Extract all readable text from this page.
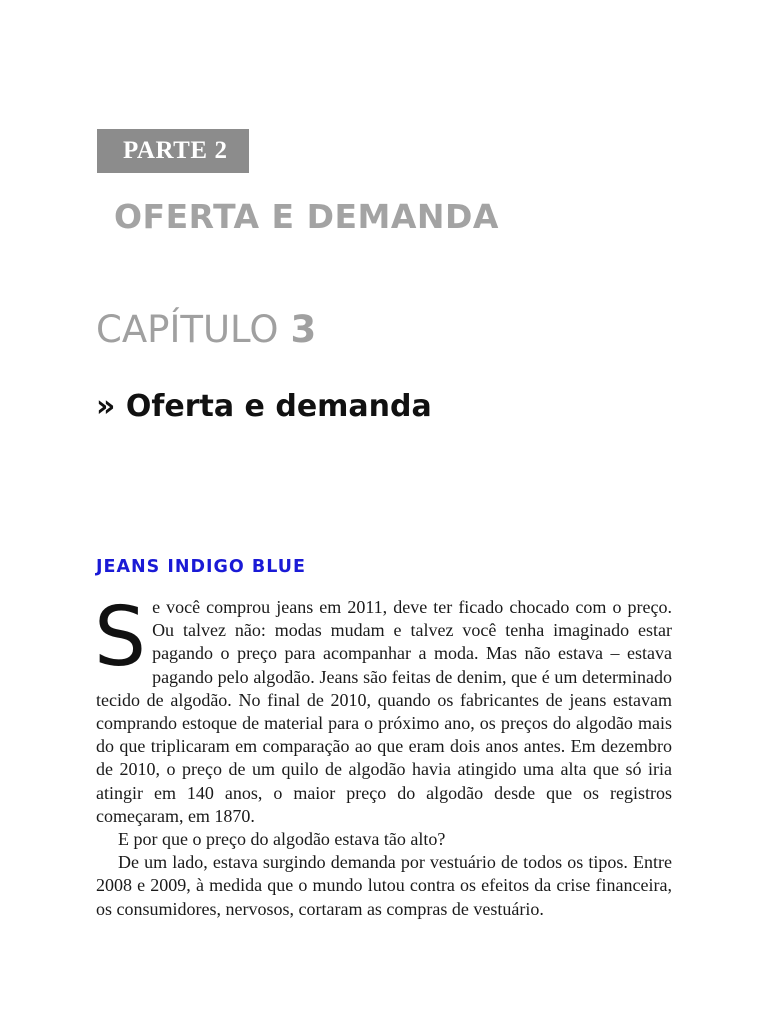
PARTE 2
OFERTA E DEMANDA
CAPÍTULO 3
» Oferta e demanda
JEANS INDIGO BLUE

Se você comprou jeans em 2011, deve ter ficado chocado com o preço. Ou talvez não: modas mudam e talvez você tenha imaginado estar pagando o preço para acompanhar a moda. Mas não estava – estava pagando pelo algodão. Jeans são feitas de denim, que é um determinado tecido de algodão. No final de 2010, quando os fabricantes de jeans estavam comprando estoque de material para o próximo ano, os preços do algodão mais do que triplicaram em comparação ao que eram dois anos antes. Em dezembro de 2010, o preço de um quilo de algodão havia atingido uma alta que só iria atingir em 140 anos, o maior preço do algodão desde que os registros começaram, em 1870.

E por que o preço do algodão estava tão alto?

De um lado, estava surgindo demanda por vestuário de todos os tipos. Entre 2008 e 2009, à medida que o mundo lutou contra os efeitos da crise financeira, os consumidores, nervosos, cortaram as compras de vestuário.
